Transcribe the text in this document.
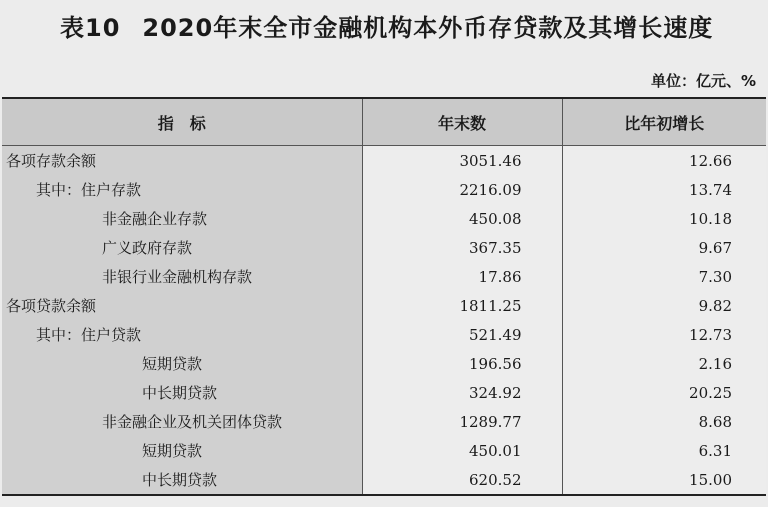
表10 2020年末全市金融机构本外币存贷款及其增长速度
单位：亿元、%
指　标	年末数	比年初增长
各项存款余额	3051.46	12.66
其中：住户存款	2216.09	13.74
非金融企业存款	450.08	10.18
广义政府存款	367.35	9.67
非银行业金融机构存款	17.86	7.30
各项贷款余额	1811.25	9.82
其中：住户贷款	521.49	12.73
短期贷款	196.56	2.16
中长期贷款	324.92	20.25
非金融企业及机关团体贷款	1289.77	8.68
短期贷款	450.01	6.31
中长期贷款	620.52	15.00
